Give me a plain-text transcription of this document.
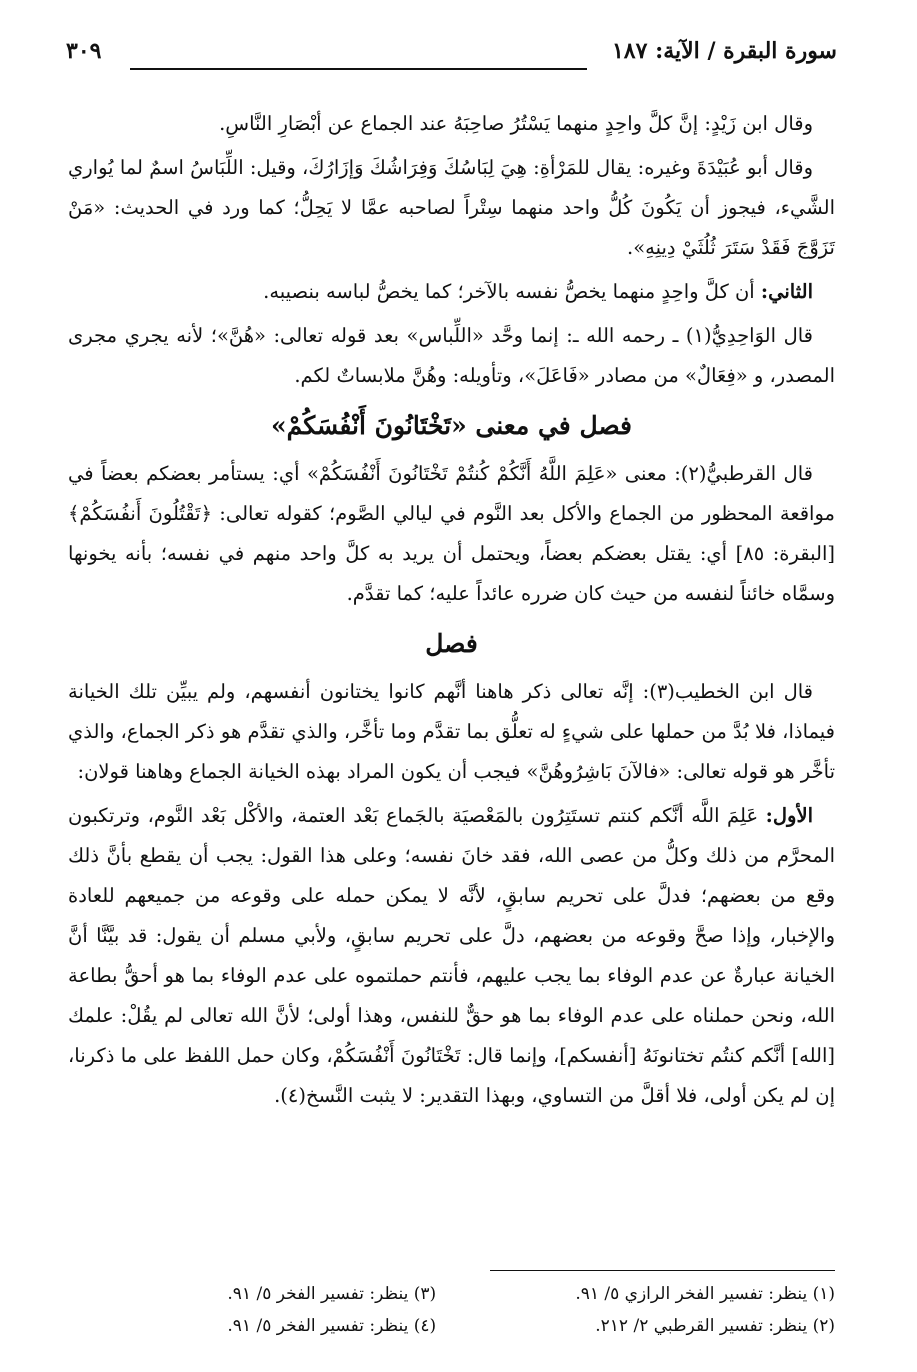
سورة البقرة / الآية: ١٨٧
٣٠٩

وقال ابن زَيْدٍ: إنَّ كلَّ واحِدٍ منهما يَسْتُرُ صاحِبَهُ عند الجماع عن أبْصَارِ النَّاسِ.

وقال أبو عُبَيْدَةَ وغيره: يقال للمَرْأةِ: هِيَ لِبَاسُكَ وَفِرَاشُكَ وَإزَارُكَ، وقيل: اللِّبَاسُ اسمٌ لما يُواري الشَّيء، فيجوز أن يَكُونَ كُلُّ واحد منهما سِتْراً لصاحبه عمَّا لا يَحِلُّ؛ كما ورد في الحديث: «مَنْ تَزَوَّجَ فَقَدْ سَتَرَ ثُلُثَيْ دِينِهِ».

الثاني: أن كلَّ واحِدٍ منهما يخصُّ نفسه بالآخر؛ كما يخصُّ لباسه بنصيبه.

قال الوَاحِدِيُّ(١) ـ رحمه الله ـ: إنما وحَّد «اللِّباس» بعد قوله تعالى: «هُنَّ»؛ لأنه يجري مجرى المصدر، و «فِعَالٌ» من مصادر «فَاعَلَ»، وتأويله: وهُنَّ ملابساتٌ لكم.

فصل في معنى «تَخْتَانُونَ أَنْفُسَكُمْ»

قال القرطبيُّ(٢): معنى «عَلِمَ اللَّهُ أَنَّكُمْ كُنتُمْ تَخْتَانُونَ أَنْفُسَكُمْ» أي: يستأمر بعضكم بعضاً في مواقعة المحظور من الجماع والأكل بعد النَّوم في ليالي الصَّوم؛ كقوله تعالى: ﴿تَقْتُلُونَ أَنفُسَكُمْ﴾ [البقرة: ٨٥] أي: يقتل بعضكم بعضاً، ويحتمل أن يريد به كلَّ واحد منهم في نفسه؛ بأنه يخونها وسمَّاه خائناً لنفسه من حيث كان ضرره عائداً عليه؛ كما تقدَّم.

فصل

قال ابن الخطيب(٣): إنَّه تعالى ذكر هاهنا أنَّهم كانوا يختانون أنفسهم، ولم يبيِّن تلك الخيانة فيماذا، فلا بُدَّ من حملها على شيءٍ له تعلُّق بما تقدَّم وما تأخَّر، والذي تقدَّم هو ذكر الجماع، والذي تأخَّر هو قوله تعالى: «فالآنَ بَاشِرُوهُنَّ» فيجب أن يكون المراد بهذه الخيانة الجماع وهاهنا قولان:

الأول: عَلِمَ اللَّه أنَّكم كنتم تستَتِرُون بالمَعْصيَة بالجَماع بَعْد العتمة، والأكْل بَعْد النَّوم، وترتكبون المحرَّم من ذلك وكلُّ من عصى الله، فقد خانَ نفسه؛ وعلى هذا القول: يجب أن يقطع بأنَّ ذلك وقع من بعضهم؛ فدلَّ على تحريم سابقٍ، لأنَّه لا يمكن حمله على وقوعه من جميعهم للعادة والإخبار، وإذا صحَّ وقوعه من بعضهم، دلَّ على تحريم سابقٍ، ولأبي مسلم أن يقول: قد بيَّنَّا أنَّ الخيانة عبارةٌ عن عدم الوفاء بما يجب عليهم، فأنتم حملتموه على عدم الوفاء بما هو أحقُّ بطاعة الله، ونحن حملناه على عدم الوفاء بما هو حقٌّ للنفس، وهذا أولى؛ لأنَّ الله تعالى لم يقُلْ: علمك [الله] أنَّكم كنتُم تختانونَهُ [أنفسكم]، وإنما قال: تَخْتَانُونَ أَنْفُسَكُمْ، وكان حمل اللفظ على ما ذكرنا، إن لم يكن أولى، فلا أقلَّ من التساوي، وبهذا التقدير: لا يثبت النَّسخ(٤).

(١) ينظر: تفسير الفخر الرازي ٥/ ٩١.
(٢) ينظر: تفسير القرطبي ٢/ ٢١٢.
(٣) ينظر: تفسير الفخر ٥/ ٩١.
(٤) ينظر: تفسير الفخر ٥/ ٩١.
